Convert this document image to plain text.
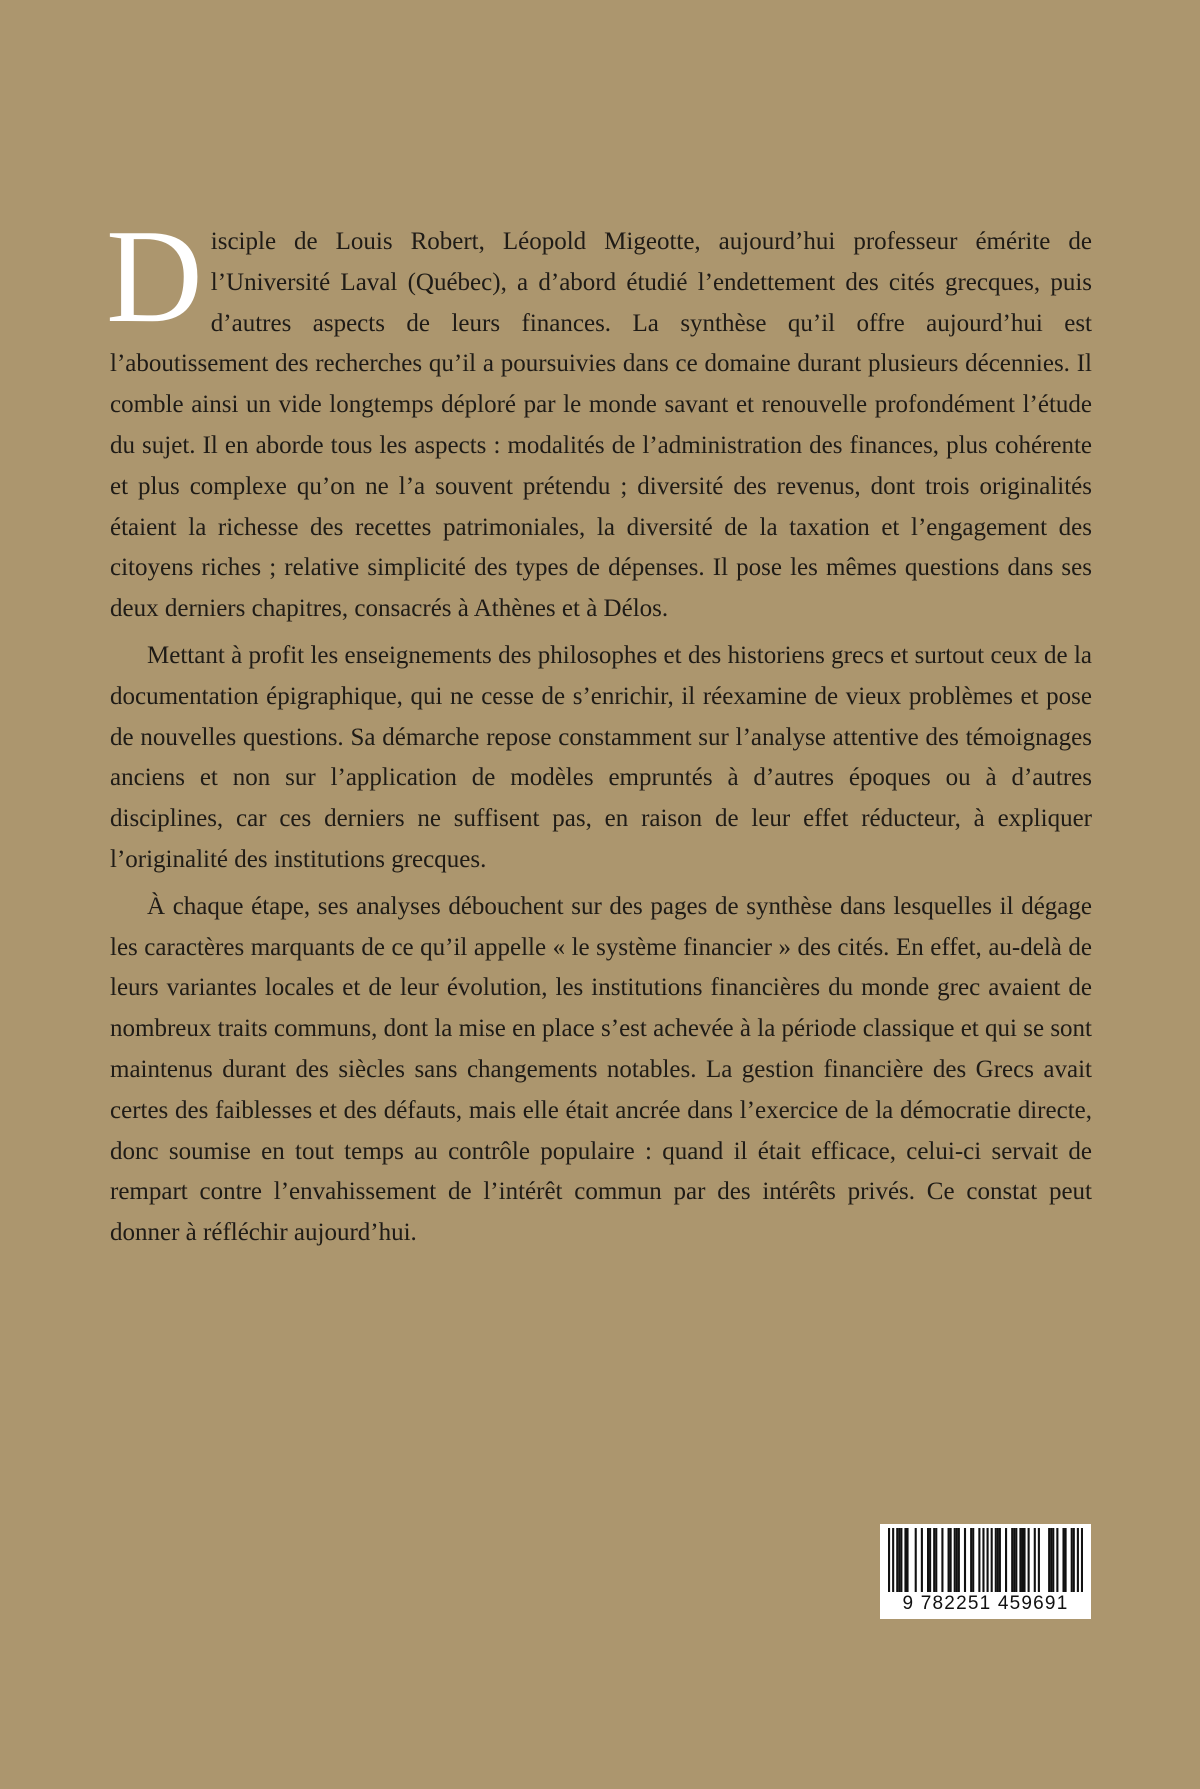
Disciple de Louis Robert, Léopold Migeotte, aujourd’hui professeur émérite de l’Université Laval (Québec), a d’abord étudié l’endettement des cités grecques, puis d’autres aspects de leurs finances. La synthèse qu’il offre aujourd’hui est l’aboutissement des recherches qu’il a poursuivies dans ce domaine durant plusieurs décennies. Il comble ainsi un vide longtemps déploré par le monde savant et renouvelle profondément l’étude du sujet. Il en aborde tous les aspects : modalités de l’administration des finances, plus cohérente et plus complexe qu’on ne l’a souvent prétendu ; diversité des revenus, dont trois originalités étaient la richesse des recettes patrimoniales, la diversité de la taxation et l’engagement des citoyens riches ; relative simplicité des types de dépenses. Il pose les mêmes questions dans ses deux derniers chapitres, consacrés à Athènes et à Délos.

Mettant à profit les enseignements des philosophes et des historiens grecs et surtout ceux de la documentation épigraphique, qui ne cesse de s’enrichir, il réexamine de vieux problèmes et pose de nouvelles questions. Sa démarche repose constamment sur l’analyse attentive des témoignages anciens et non sur l’application de modèles empruntés à d’autres époques ou à d’autres disciplines, car ces derniers ne suffisent pas, en raison de leur effet réducteur, à expliquer l’originalité des institutions grecques.

À chaque étape, ses analyses débouchent sur des pages de synthèse dans lesquelles il dégage les caractères marquants de ce qu’il appelle « le système financier » des cités. En effet, au-delà de leurs variantes locales et de leur évolution, les institutions financières du monde grec avaient de nombreux traits communs, dont la mise en place s’est achevée à la période classique et qui se sont maintenus durant des siècles sans changements notables. La gestion financière des Grecs avait certes des faiblesses et des défauts, mais elle était ancrée dans l’exercice de la démocratie directe, donc soumise en tout temps au contrôle populaire : quand il était efficace, celui-ci servait de rempart contre l’envahissement de l’intérêt commun par des intérêts privés. Ce constat peut donner à réfléchir aujourd’hui.

9 782251 459691
